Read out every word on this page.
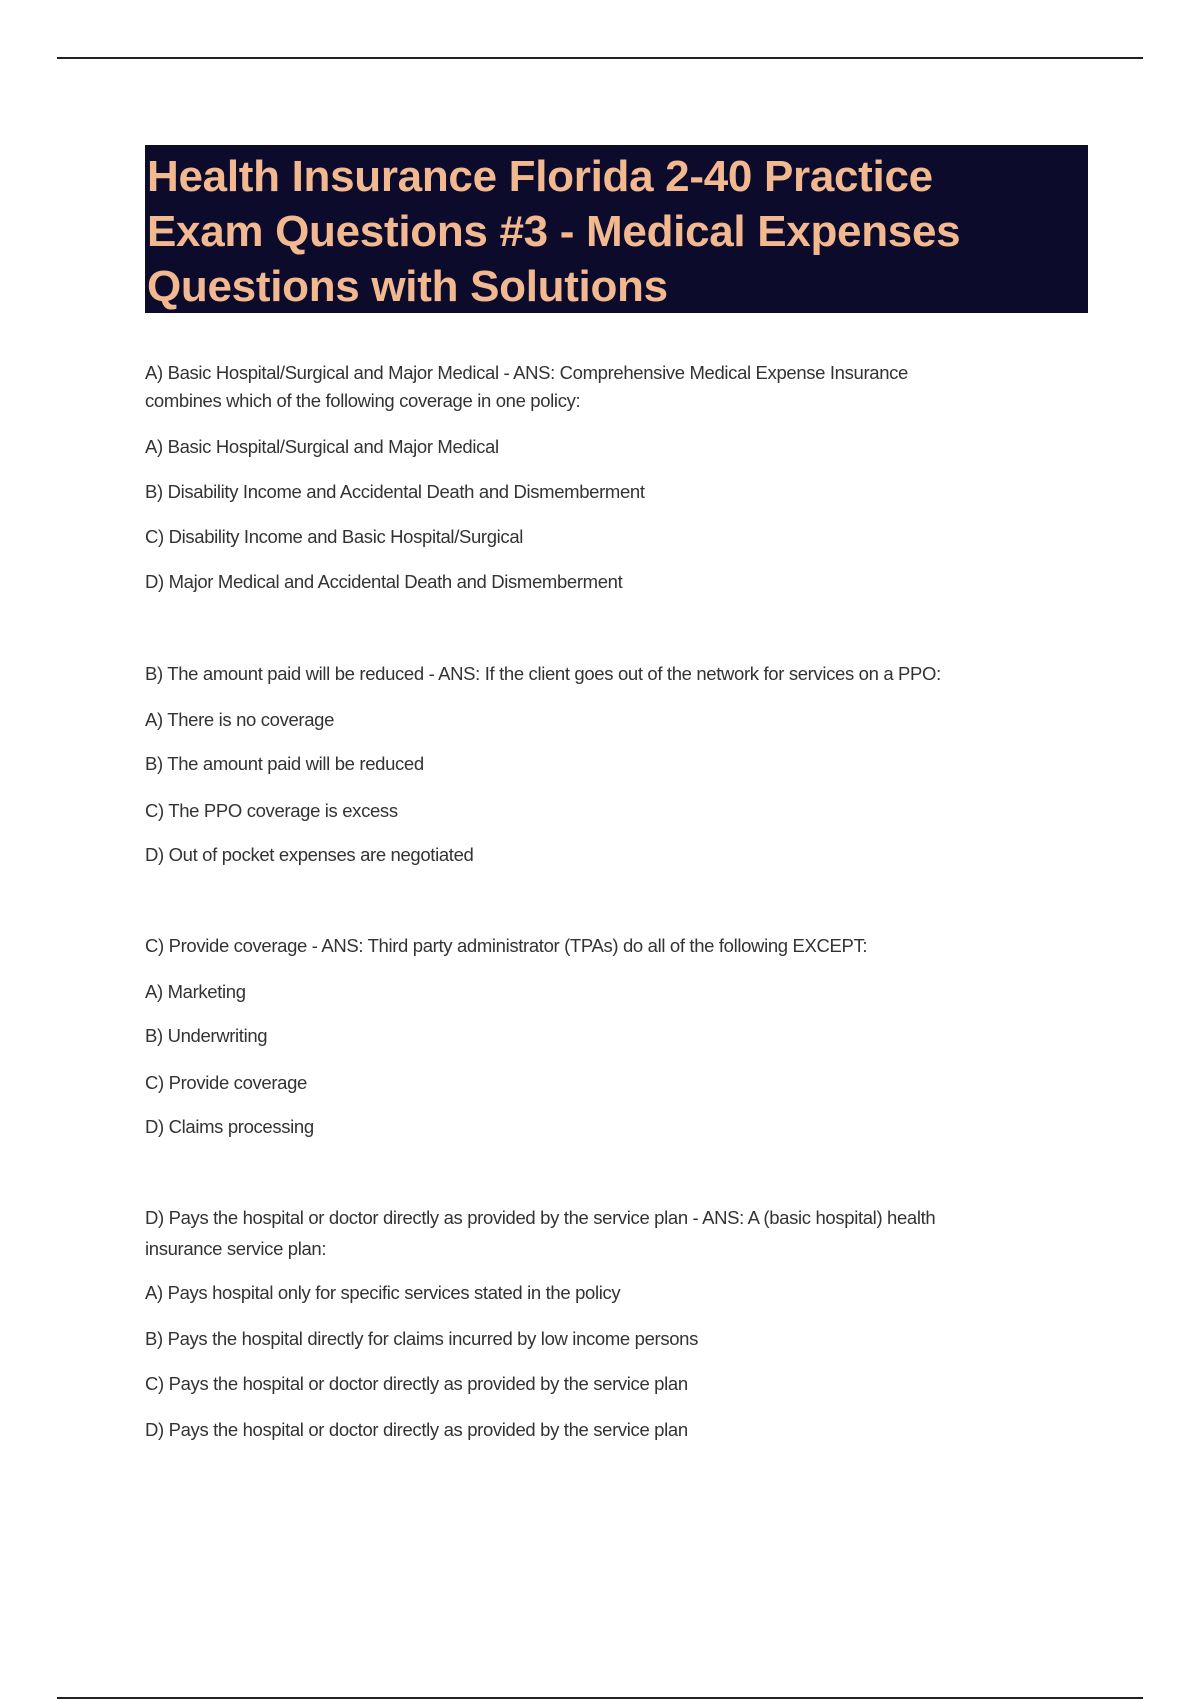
Health Insurance Florida 2-40 Practice
Exam Questions #3 - Medical Expenses
Questions with Solutions
A) Basic Hospital/Surgical and Major Medical - ANS: Comprehensive Medical Expense Insurance
combines which of the following coverage in one policy:
A) Basic Hospital/Surgical and Major Medical
B) Disability Income and Accidental Death and Dismemberment
C) Disability Income and Basic Hospital/Surgical
D) Major Medical and Accidental Death and Dismemberment
B) The amount paid will be reduced - ANS: If the client goes out of the network for services on a PPO:
A) There is no coverage
B) The amount paid will be reduced
C) The PPO coverage is excess
D) Out of pocket expenses are negotiated
C) Provide coverage - ANS: Third party administrator (TPAs) do all of the following EXCEPT:
A) Marketing
B) Underwriting
C) Provide coverage
D) Claims processing
D) Pays the hospital or doctor directly as provided by the service plan - ANS: A (basic hospital) health
insurance service plan:
A) Pays hospital only for specific services stated in the policy
B) Pays the hospital directly for claims incurred by low income persons
C) Pays the hospital or doctor directly as provided by the service plan
D) Pays the hospital or doctor directly as provided by the service plan
